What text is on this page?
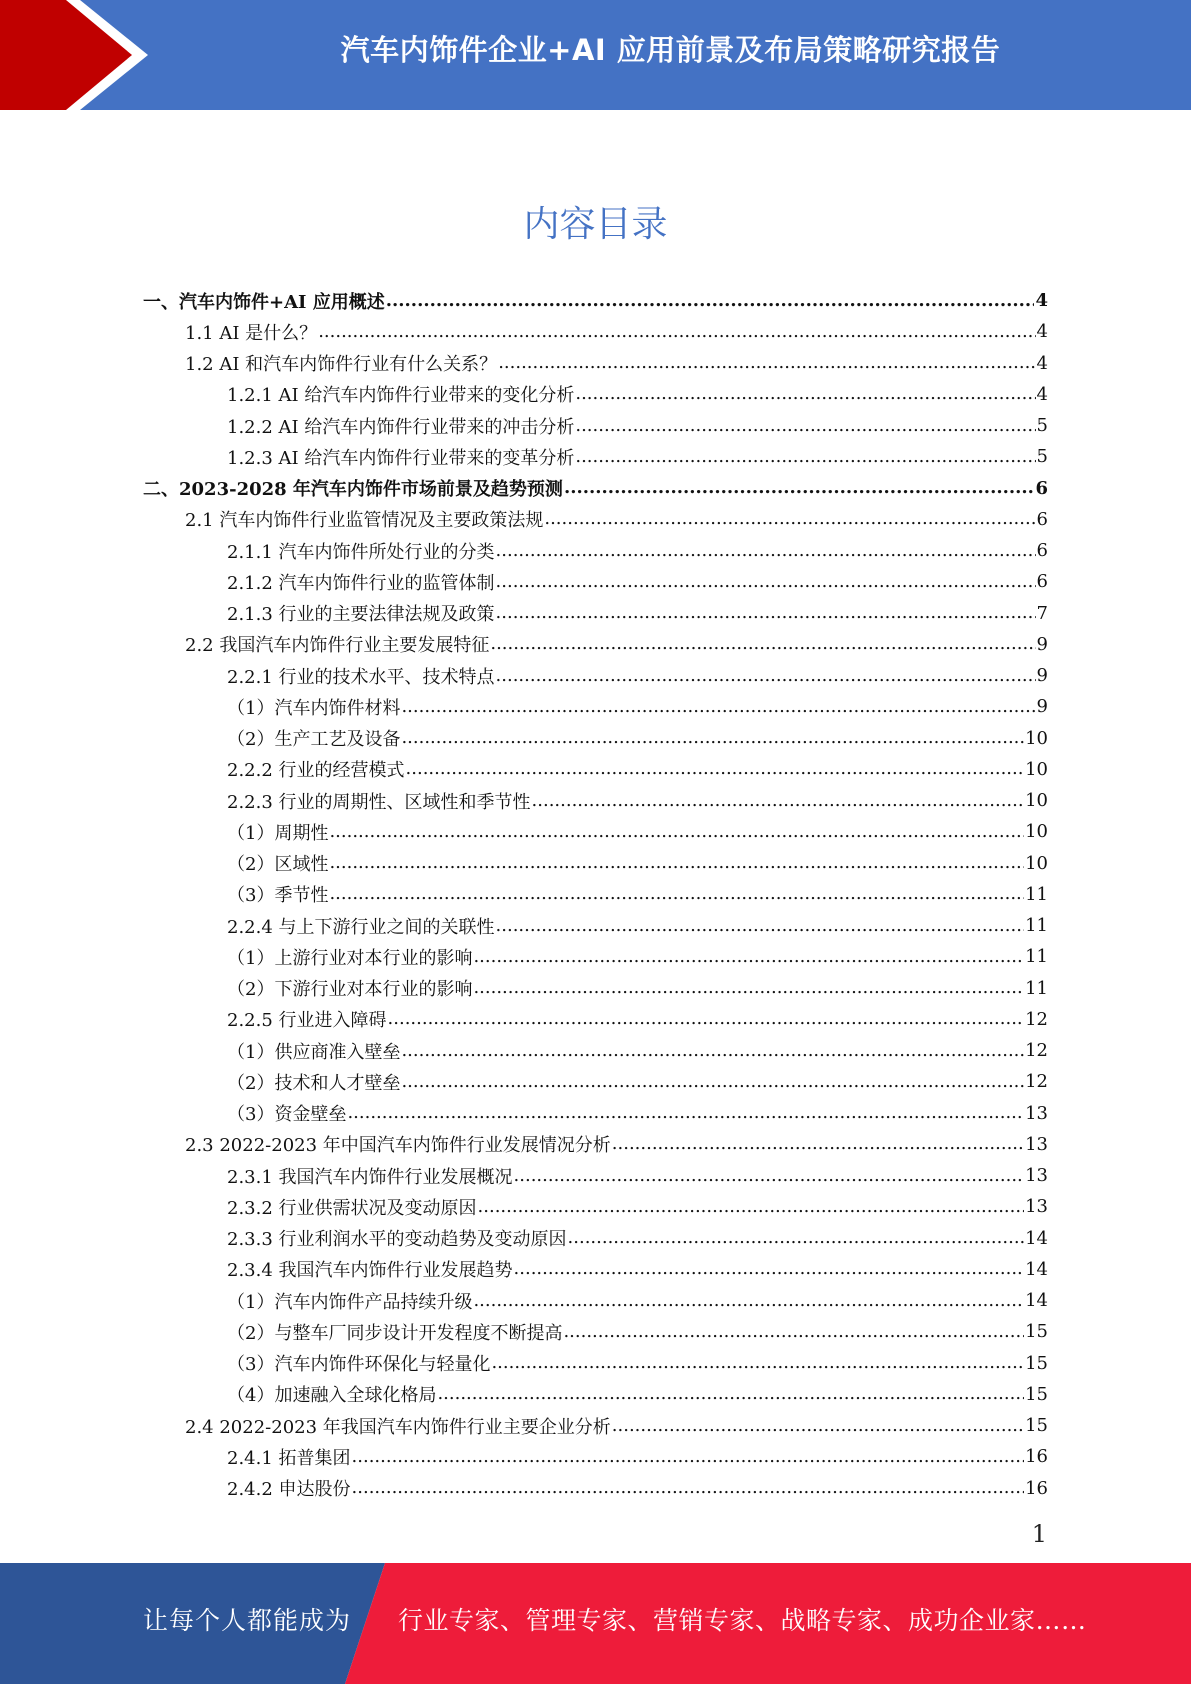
汽车内饰件企业+AI 应用前景及布局策略研究报告
内容目录
一、汽车内饰件+AI 应用概述 .....	4
1.1 AI 是什么？ .....	4
1.2 AI 和汽车内饰件行业有什么关系？ .....	4
1.2.1 AI 给汽车内饰件行业带来的变化分析 .....	4
1.2.2 AI 给汽车内饰件行业带来的冲击分析 .....	5
1.2.3 AI 给汽车内饰件行业带来的变革分析 .....	5
二、2023-2028 年汽车内饰件市场前景及趋势预测 .....	6
2.1 汽车内饰件行业监管情况及主要政策法规 .....	6
2.1.1 汽车内饰件所处行业的分类 .....	6
2.1.2 汽车内饰件行业的监管体制 .....	6
2.1.3 行业的主要法律法规及政策 .....	7
2.2 我国汽车内饰件行业主要发展特征 .....	9
2.2.1 行业的技术水平、技术特点 .....	9
（1）汽车内饰件材料 .....	9
（2）生产工艺及设备 .....	10
2.2.2 行业的经营模式 .....	10
2.2.3 行业的周期性、区域性和季节性 .....	10
（1）周期性 .....	10
（2）区域性 .....	10
（3）季节性 .....	11
2.2.4 与上下游行业之间的关联性 .....	11
（1）上游行业对本行业的影响 .....	11
（2）下游行业对本行业的影响 .....	11
2.2.5 行业进入障碍 .....	12
（1）供应商准入壁垒 .....	12
（2）技术和人才壁垒 .....	12
（3）资金壁垒 .....	13
2.3 2022-2023 年中国汽车内饰件行业发展情况分析 .....	13
2.3.1 我国汽车内饰件行业发展概况 .....	13
2.3.2 行业供需状况及变动原因 .....	13
2.3.3 行业利润水平的变动趋势及变动原因 .....	14
2.3.4 我国汽车内饰件行业发展趋势 .....	14
（1）汽车内饰件产品持续升级 .....	14
（2）与整车厂同步设计开发程度不断提高 .....	15
（3）汽车内饰件环保化与轻量化 .....	15
（4）加速融入全球化格局 .....	15
2.4 2022-2023 年我国汽车内饰件行业主要企业分析 .....	15
2.4.1 拓普集团 .....	16
2.4.2 申达股份 .....	16
1
让每个人都能成为 行业专家、管理专家、营销专家、战略专家、成功企业家……
